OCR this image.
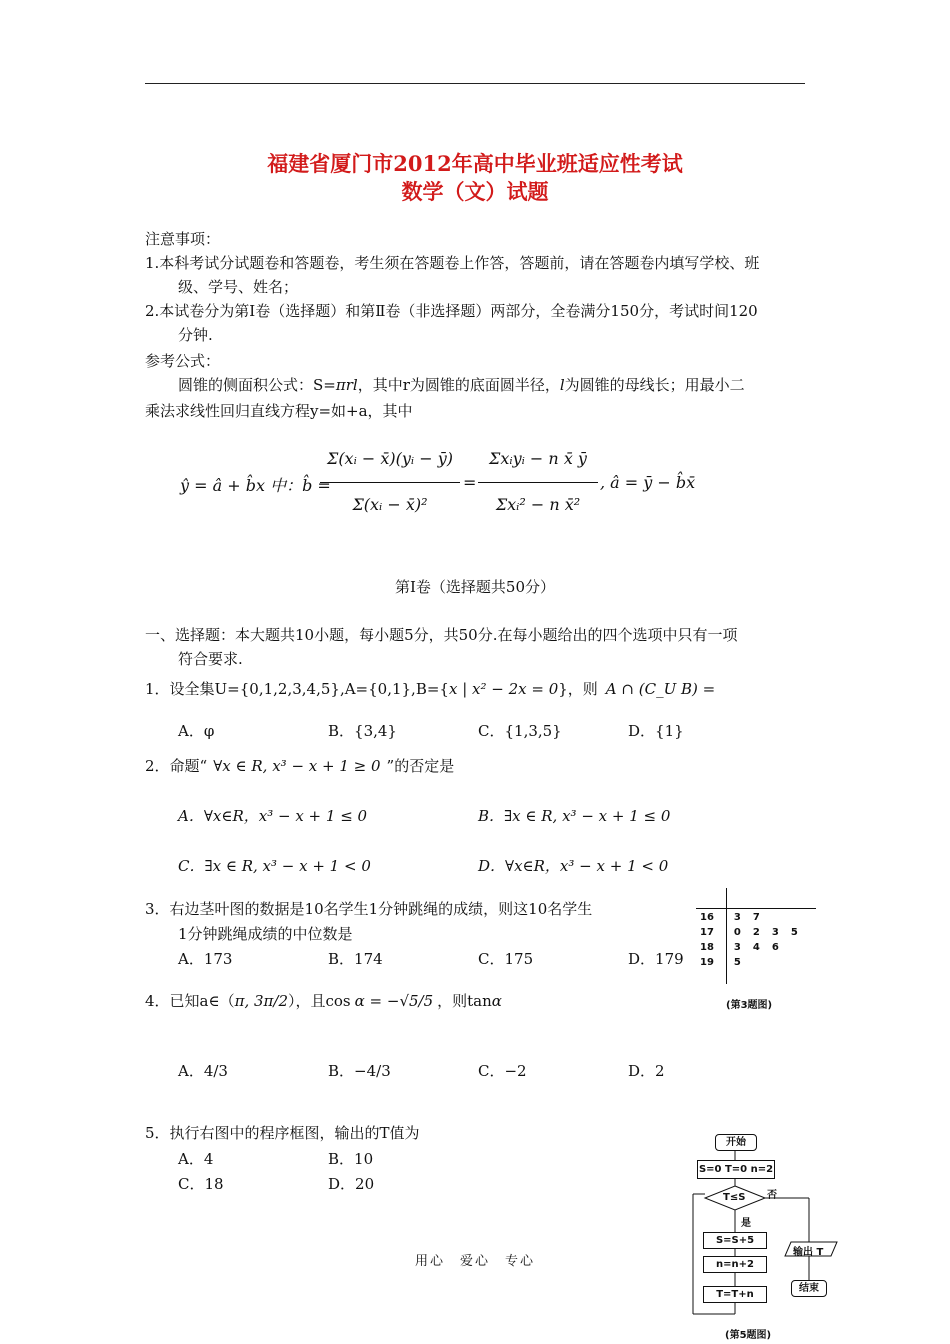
福建省厦门市2012年高中毕业班适应性考试
数学（文）试题
注意事项：
1.本科考试分试题卷和答题卷，考生须在答题卷上作答，答题前，请在答题卷内填写学校、班
级、学号、姓名；
2.本试卷分为第Ⅰ卷（选择题）和第Ⅱ卷（非选择题）两部分，全卷满分150分，考试时间120
分钟.
参考公式：
圆锥的侧面积公式：S=πrl，其中r为圆锥的底面圆半径，l为圆锥的母线长；用最小二
乘法求线性回归直线方程y=如+a，其中
ŷ = â + b̂x 中：b̂ =
$\frac{\text{Σ(xᵢ − x̄)(yᵢ − ȳ)}}{\text{Σ(xᵢ − x̄)²}}$ =
Σxᵢyᵢ − n x̄ ȳ
Σxᵢ² − n x̄²
, â = ȳ − b̂x̄
第Ⅰ卷（选择题共50分）
一、选择题：本大题共10小题，每小题5分，共50分.在每小题给出的四个选项中只有一项
符合要求.
1．设全集U={0,1,2,3,4,5},A={0,1},B={x | x² − 2x = 0}，则 A ∩ (C_U B) =
A．φ	B．{3,4}	C．{1,3,5}	D．{1}
2．命题“ ∀x ∈ R, x³ − x + 1 ≥ 0 ”的否定是
A．∀x∈R，x³ − x + 1 ≤ 0	B．∃x ∈ R, x³ − x + 1 ≤ 0
C．∃x ∈ R, x³ − x + 1 < 0	D．∀x∈R，x³ − x + 1 < 0
3．右边茎叶图的数据是10名学生1分钟跳绳的成绩，则这10名学生
1分钟跳绳成绩的中位数是
A．173	B．174	C．175	D．179
16	3	7		
17	0	2	3	5
18	3	4	6	
19	5			
(第3题图)
4．已知a∈（π, 3π/2），且cos α = −√5/5 ，则tanα
A．4/3	B．−4/3	C．−2	D．2
5．执行右图中的程序框图，输出的T值为
A．4	B．10
C．18	D．20
开始
S=0 T=0 n=2
T≤S 否
是
S=S+5
n=n+2
T=T+n
输出 T
结束
(第5题图)
用心　爱心　专心
